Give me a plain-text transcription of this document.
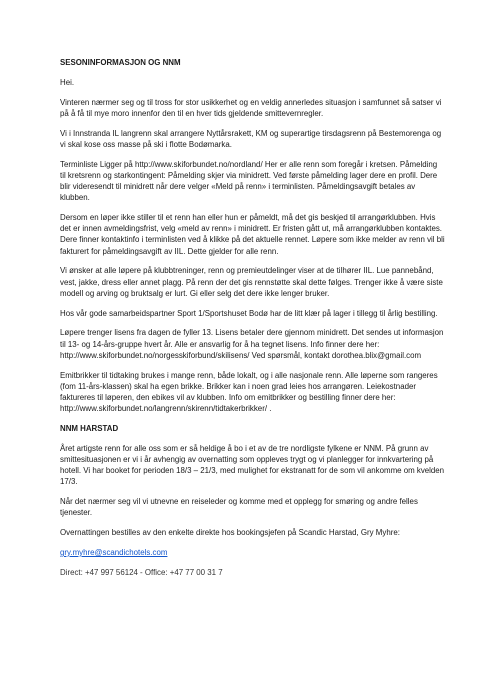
SESONINFORMASJON OG NNM

Hei.

Vinteren nærmer seg og til tross for stor usikkerhet og en veldig annerledes situasjon i samfunnet så satser vi på å få til mye moro innenfor den til en hver tids gjeldende smittevernregler.

Vi i Innstranda IL langrenn skal arrangere Nyttårsrakett, KM og superartige tirsdagsrenn på Bestemorenga og vi skal kose oss masse på ski i flotte Bodømarka.

Terminliste Ligger på http://www.skiforbundet.no/nordland/ Her er alle renn som foregår i kretsen. Påmelding til kretsrenn og starkontingent: Påmelding skjer via minidrett. Ved første påmelding lager dere en profil. Dere blir videresendt til minidrett når dere velger «Meld på renn» i terminlisten. Påmeldingsavgift betales av klubben.

Dersom en løper ikke stiller til et renn han eller hun er påmeldt, må det gis beskjed til arrangørklubben. Hvis det er innen avmeldingsfrist, velg «meld av renn» i minidrett. Er fristen gått ut, må arrangørklubben kontaktes. Dere finner kontaktinfo i terminlisten ved å klikke på det aktuelle rennet. Løpere som ikke melder av renn vil bli fakturert for påmeldingsavgift av IIL. Dette gjelder for alle renn.

Vi ønsker at alle løpere på klubbtreninger, renn og premieutdelinger viser at de tilhører IIL. Lue pannebånd, vest, jakke, dress eller annet plagg. På renn der det gis rennstøtte skal dette følges. Trenger ikke å være siste modell og arving og bruktsalg er lurt. Gi eller selg det dere ikke lenger bruker.

Hos vår gode samarbeidspartner Sport 1/Sportshuset Bodø har de litt klær på lager i tillegg til årlig bestilling.

Løpere trenger lisens fra dagen de fyller 13. Lisens betaler dere gjennom minidrett. Det sendes ut informasjon til 13- og 14-års-gruppe hvert år. Alle er ansvarlig for å ha tegnet lisens. Info finner dere her: http://www.skiforbundet.no/norgesskiforbund/skilisens/ Ved spørsmål, kontakt dorothea.blix@gmail.com

Emitbrikker til tidtaking brukes i mange renn, både lokalt, og i alle nasjonale renn. Alle løperne som rangeres (fom 11-års-klassen) skal ha egen brikke. Brikker kan i noen grad leies hos arrangøren. Leiekostnader faktureres til løperen, den ebikes vil av klubben. Info om emitbrikker og bestilling finner dere her: http://www.skiforbundet.no/langrenn/skirenn/tidtakerbrikker/ .

NNM HARSTAD

Året artigste renn for alle oss som er så heldige å bo i et av de tre nordligste fylkene er NNM. På grunn av smittesituasjonen er vi i år avhengig av overnatting som oppleves trygt og vi planlegger for innkvartering på hotell. Vi har booket for perioden 18/3 – 21/3, med mulighet for ekstranatt for de som vil ankomme om kvelden 17/3.

Når det nærmer seg vil vi utnevne en reiseleder og komme med et opplegg for smøring og andre felles tjenester.

Overnattingen bestilles av den enkelte direkte hos bookingsjefen på Scandic Harstad, Gry Myhre:

gry.myhre@scandichotels.com

Direct: +47 997 56124 - Office: +47 77 00 31 7
